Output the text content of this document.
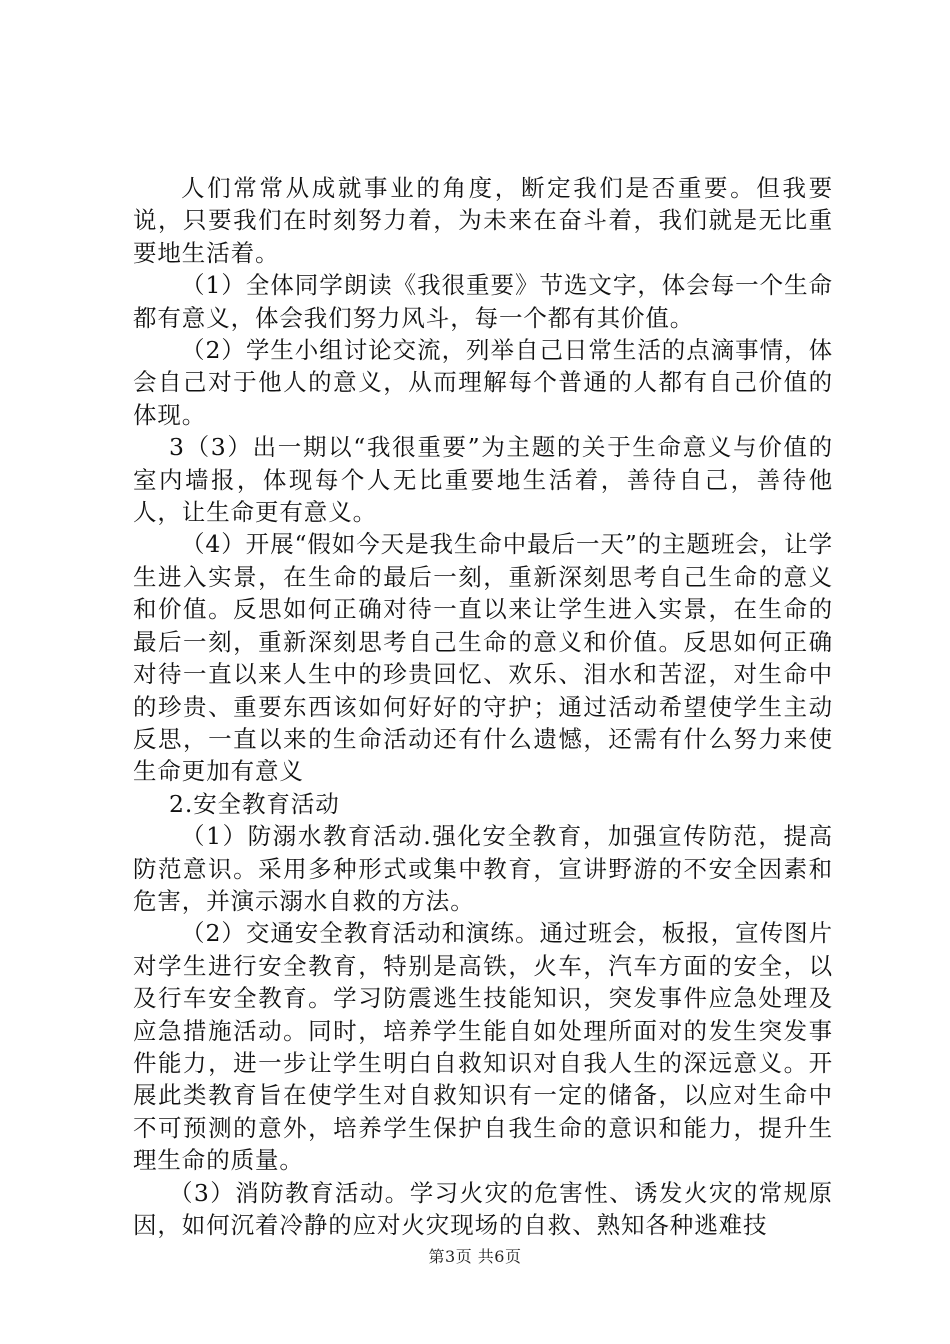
人们常常从成就事业的角度，断定我们是否重要。但我要说，只要我们在时刻努力着，为未来在奋斗着，我们就是无比重要地生活着。

（1）全体同学朗读《我很重要》节选文字，体会每一个生命都有意义，体会我们努力风斗，每一个都有其价值。

（2）学生小组讨论交流，列举自己日常生活的点滴事情，体会自己对于他人的意义，从而理解每个普通的人都有自己价值的体现。

3（3）出一期以“我很重要”为主题的关于生命意义与价值的室内墙报，体现每个人无比重要地生活着，善待自己，善待他人，让生命更有意义。

（4）开展“假如今天是我生命中最后一天”的主题班会，让学生进入实景，在生命的最后一刻，重新深刻思考自己生命的意义和价值。反思如何正确对待一直以来让学生进入实景，在生命的最后一刻，重新深刻思考自己生命的意义和价值。反思如何正确对待一直以来人生中的珍贵回忆、欢乐、泪水和苦涩，对生命中的珍贵、重要东西该如何好好的守护；通过活动希望使学生主动反思，一直以来的生命活动还有什么遗憾，还需有什么努力来使生命更加有意义

2.安全教育活动

（1）防溺水教育活动.强化安全教育，加强宣传防范，提高防范意识。采用多种形式或集中教育，宣讲野游的不安全因素和危害，并演示溺水自救的方法。

（2）交通安全教育活动和演练。通过班会，板报，宣传图片对学生进行安全教育，特别是高铁，火车，汽车方面的安全，以及行车安全教育。学习防震逃生技能知识，突发事件应急处理及应急措施活动。同时，培养学生能自如处理所面对的发生突发事件能力，进一步让学生明白自救知识对自我人生的深远意义。开展此类教育旨在使学生对自救知识有一定的储备，以应对生命中不可预测的意外，培养学生保护自我生命的意识和能力，提升生理生命的质量。

（3）消防教育活动。学习火灾的危害性、诱发火灾的常规原因，如何沉着冷静的应对火灾现场的自救、熟知各种逃难技

第3页 共6页
